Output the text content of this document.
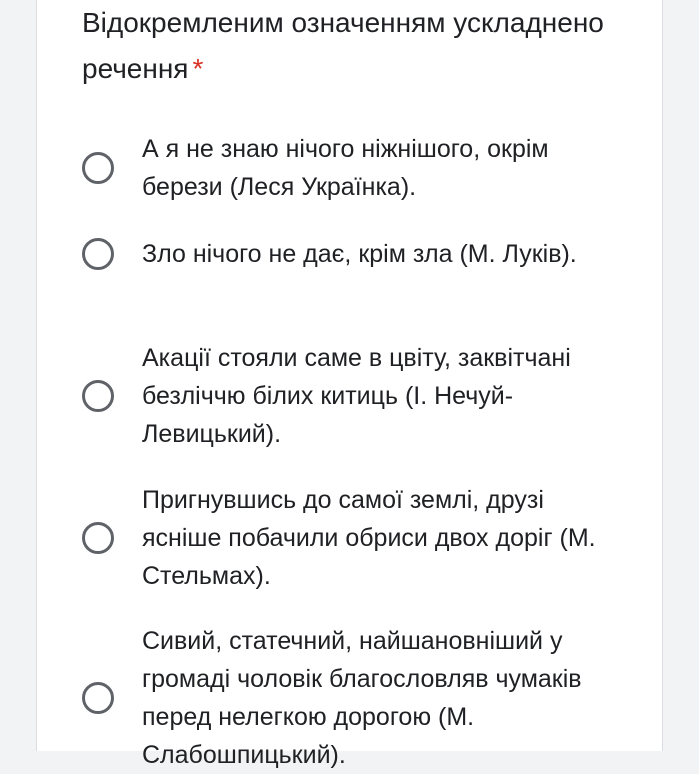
Відокремленим означенням ускладнено речення *
А я не знаю нічого ніжнішого, окрім берези (Леся Українка).
Зло нічого не дає, крім зла (М. Луків).
Акації стояли саме в цвіту, заквітчані безліччю білих китиць (І. Нечуй-Левицький).
Пригнувшись до самої землі, друзі ясніше побачили обриси двох доріг (М. Стельмах).
Сивий, статечний, найшановніший у громаді чоловік благословляв чумаків перед нелегкою дорогою (М. Слабошпицький).
